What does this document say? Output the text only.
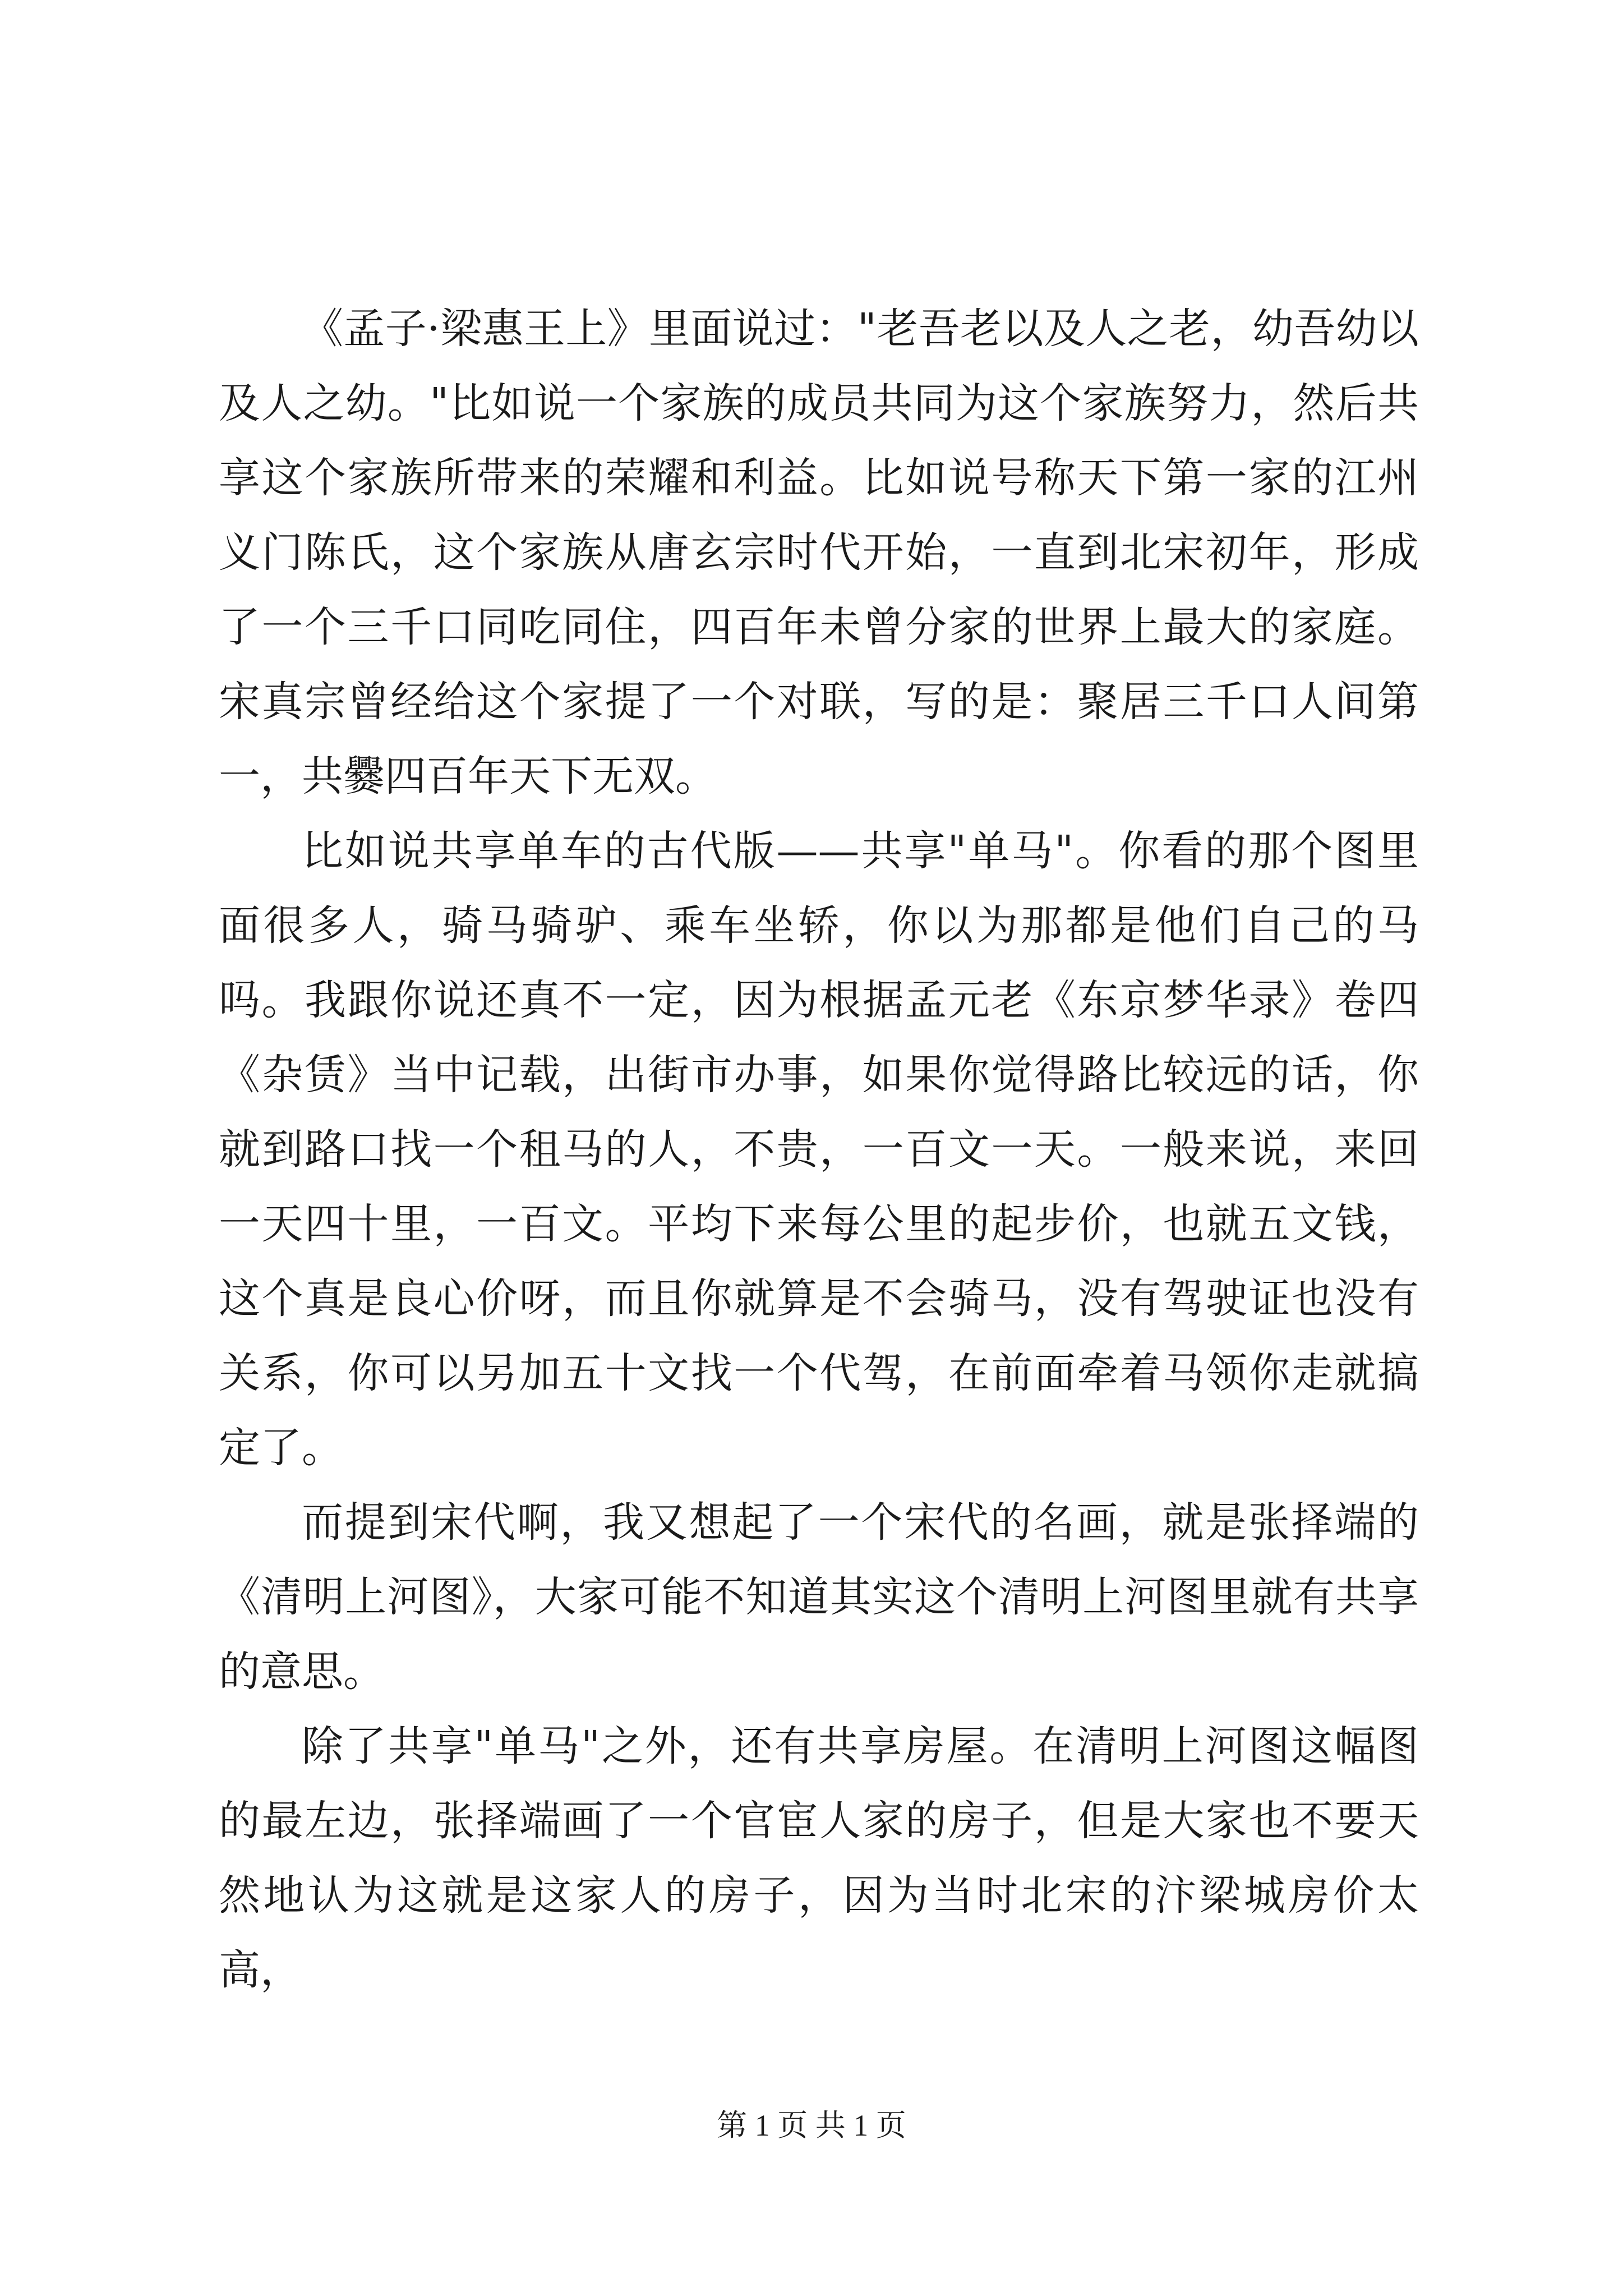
《孟子·梁惠王上》里面说过："老吾老以及人之老，幼吾幼以及人之幼。"比如说一个家族的成员共同为这个家族努力，然后共享这个家族所带来的荣耀和利益。比如说号称天下第一家的江州义门陈氏，这个家族从唐玄宗时代开始，一直到北宋初年，形成了一个三千口同吃同住，四百年未曾分家的世界上最大的家庭。宋真宗曾经给这个家提了一个对联，写的是：聚居三千口人间第一，共爨四百年天下无双。

比如说共享单车的古代版——共享"单马"。你看的那个图里面很多人，骑马骑驴、乘车坐轿，你以为那都是他们自己的马吗。我跟你说还真不一定，因为根据孟元老《东京梦华录》卷四《杂赁》当中记载，出街市办事，如果你觉得路比较远的话，你就到路口找一个租马的人，不贵，一百文一天。一般来说，来回一天四十里，一百文。平均下来每公里的起步价，也就五文钱，这个真是良心价呀，而且你就算是不会骑马，没有驾驶证也没有关系，你可以另加五十文找一个代驾，在前面牵着马领你走就搞定了。

而提到宋代啊，我又想起了一个宋代的名画，就是张择端的《清明上河图》，大家可能不知道其实这个清明上河图里就有共享的意思。

除了共享"单马"之外，还有共享房屋。在清明上河图这幅图的最左边，张择端画了一个官宦人家的房子，但是大家也不要天然地认为这就是这家人的房子，因为当时北宋的汴梁城房价太高，

第 1 页 共 1 页
